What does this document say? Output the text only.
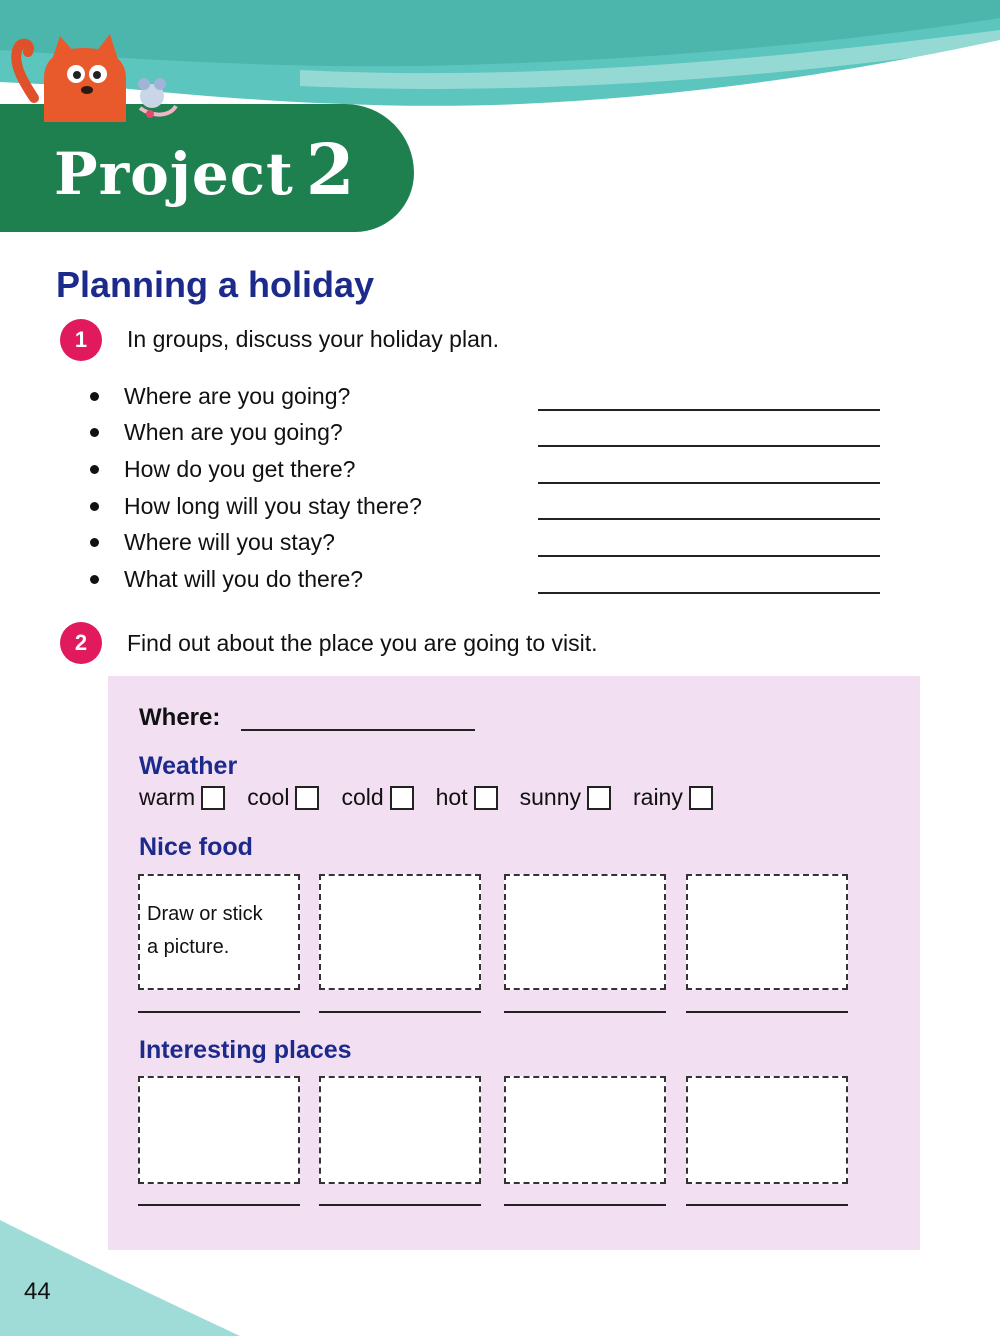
Project 2
Planning a holiday
1	In groups, discuss your holiday plan.
Where are you going?
When are you going?
How do you get there?
How long will you stay there?
Where will you stay?
What will you do there?
2	Find out about the place you are going to visit.
Where:
Weather
warm cool cold hot sunny rainy
Nice food
Draw or stick
a picture.
Interesting places
44
